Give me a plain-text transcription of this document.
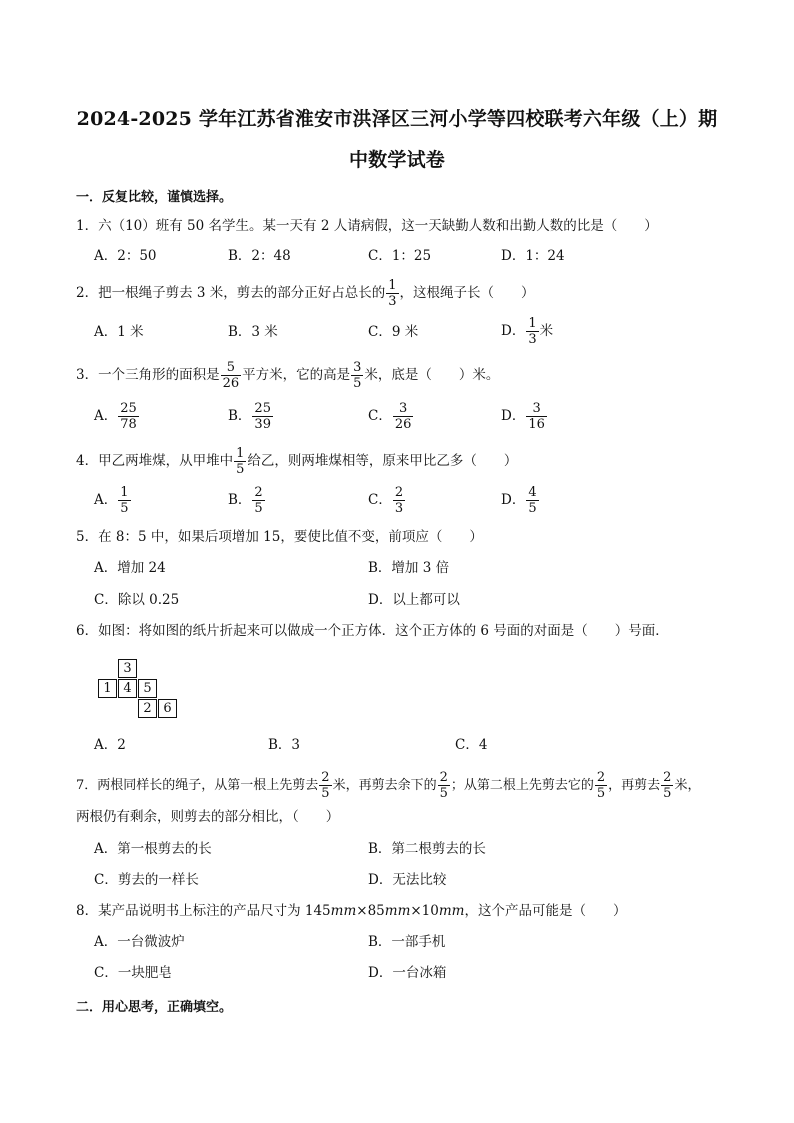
2024-2025 学年江苏省淮安市洪泽区三河小学等四校联考六年级（上）期
中数学试卷
一．反复比较，谨慎选择。
1．六（10）班有 50 名学生。某一天有 2 人请病假，这一天缺勤人数和出勤人数的比是（　　）
A．2：50	B．2：48	C．1：25	D．1：24
2．把一根绳子剪去 3 米，剪去的部分正好占总长的 $\frac{1}{3}$ ，这根绳子长（　　）
A．1 米	B．3 米	C．9 米	D． $\frac{1}{3}$ 米
3．一个三角形的面积是 $\frac{5}{26}$ 平方米，它的高是 $\frac{3}{5}$ 米，底是（　　）米。
A． $\frac{25}{78}$	B． $\frac{25}{39}$	C． $\frac{3}{26}$	D． $\frac{3}{16}$
4．甲乙两堆煤，从甲堆中 $\frac{1}{5}$ 给乙，则两堆煤相等，原来甲比乙多（　　）
A． $\frac{1}{5}$	B． $\frac{2}{5}$	C． $\frac{2}{3}$	D． $\frac{4}{5}$
5．在 8：5 中，如果后项增加 15，要使比值不变，前项应（　　）
A．增加 24	B．增加 3 倍
C．除以 0.25	D．以上都可以
6．如图：将如图的纸片折起来可以做成一个正方体．这个正方体的 6 号面的对面是（　　）号面．
3
1 4 5
2 6
A．2	B．3	C．4
7．两根同样长的绳子，从第一根上先剪去 $\frac{2}{5}$ 米，再剪去余下的 $\frac{2}{5}$ ；从第二根上先剪去它的 $\frac{2}{5}$ ，再剪去 $\frac{2}{5}$ 米，
两根仍有剩余，则剪去的部分相比，（　　）
A．第一根剪去的长	B．第二根剪去的长
C．剪去的一样长	D．无法比较
8．某产品说明书上标注的产品尺寸为 145mm×85mm×10mm，这个产品可能是（　　）
A．一台微波炉	B．一部手机
C．一块肥皂	D．一台冰箱
二．用心思考，正确填空。
